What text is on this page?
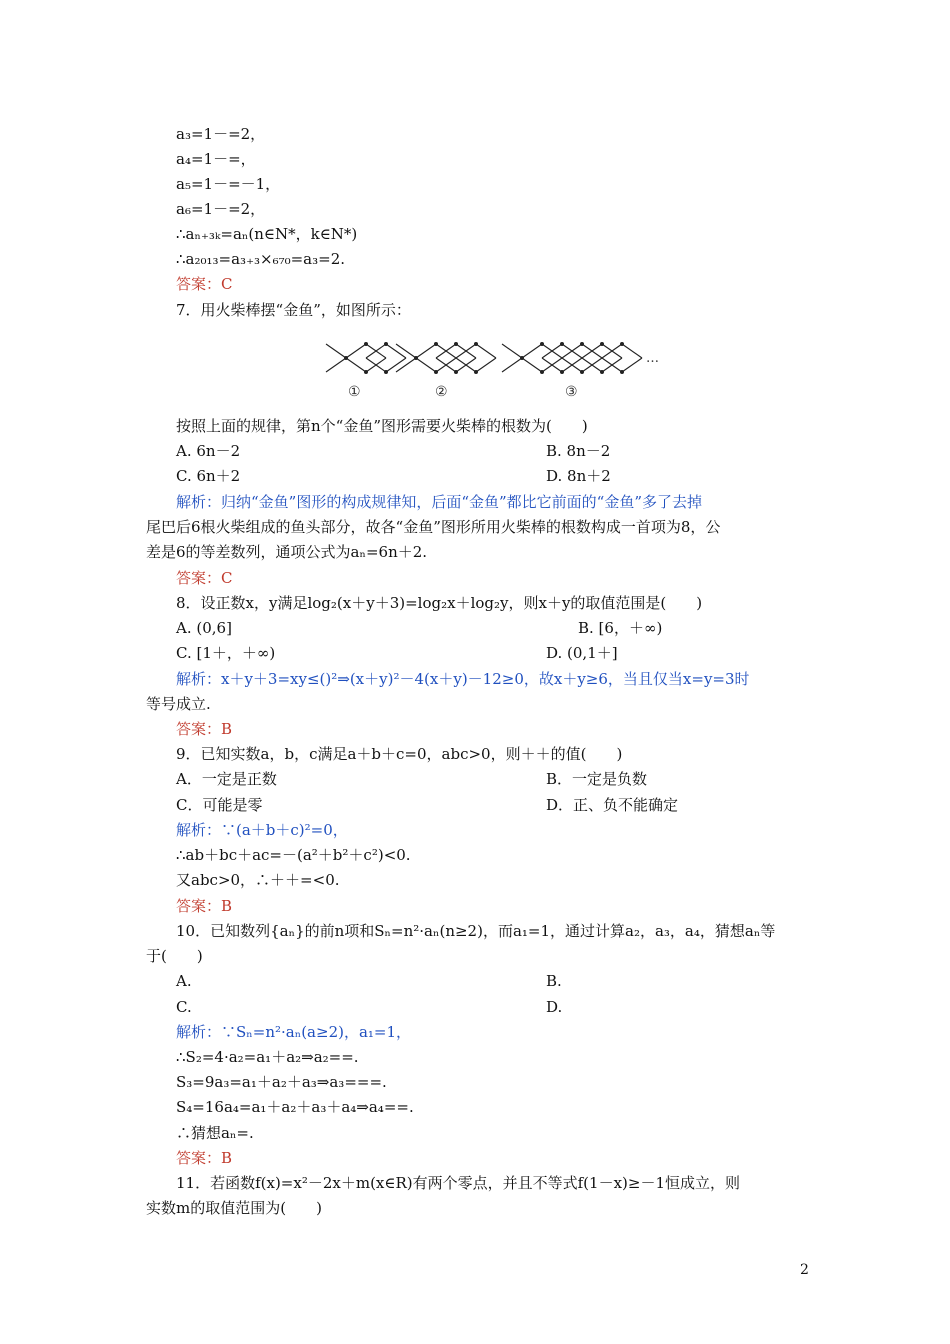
a₃=1－=2，
a₄=1－=，
a₅=1－=－1，
a₆=1－=2，
∴aₙ₊₃ₖ=aₙ(n∈N*，k∈N*)
∴a₂₀₁₃=a₃₊₃×₆₇₀=a₃=2.
答案：C
7．用火柴棒摆“金鱼”，如图所示：
①	②	③
…
按照上面的规律，第n个“金鱼”图形需要火柴棒的根数为(　　)
A. 6n－2	B. 8n－2
C. 6n＋2	D. 8n＋2
解析：归纳“金鱼”图形的构成规律知，后面“金鱼”都比它前面的“金鱼”多了去掉
尾巴后6根火柴组成的鱼头部分，故各“金鱼”图形所用火柴棒的根数构成一首项为8，公
差是6的等差数列，通项公式为aₙ=6n＋2.
答案：C
8．设正数x，y满足log₂(x＋y＋3)=log₂x＋log₂y，则x＋y的取值范围是(　　)
A. (0,6]	B. [6，＋∞)
C. [1＋，＋∞)	D. (0,1＋]
解析：x＋y＋3=xy≤()²⇒(x＋y)²－4(x＋y)－12≥0，故x＋y≥6，当且仅当x=y=3时
等号成立.
答案：B
9．已知实数a，b，c满足a＋b＋c=0，abc>0，则＋＋的值(　　)
A．一定是正数	B．一定是负数
C．可能是零	D．正、负不能确定
解析：∵(a＋b＋c)²=0，
∴ab＋bc＋ac=－(a²＋b²＋c²)<0.
又abc>0，∴＋＋=<0.
答案：B
10．已知数列{aₙ}的前n项和Sₙ=n²·aₙ(n≥2)，而a₁=1，通过计算a₂，a₃，a₄，猜想aₙ等
于(　　)
A.	B.
C.	D.
解析：∵Sₙ=n²·aₙ(a≥2)，a₁=1，
∴S₂=4·a₂=a₁＋a₂⇒a₂==.
S₃=9a₃=a₁＋a₂＋a₃⇒a₃===.
S₄=16a₄=a₁＋a₂＋a₃＋a₄⇒a₄==.
∴猜想aₙ=.
答案：B
11．若函数f(x)=x²－2x＋m(x∈R)有两个零点，并且不等式f(1－x)≥－1恒成立，则
实数m的取值范围为(　　)
2
